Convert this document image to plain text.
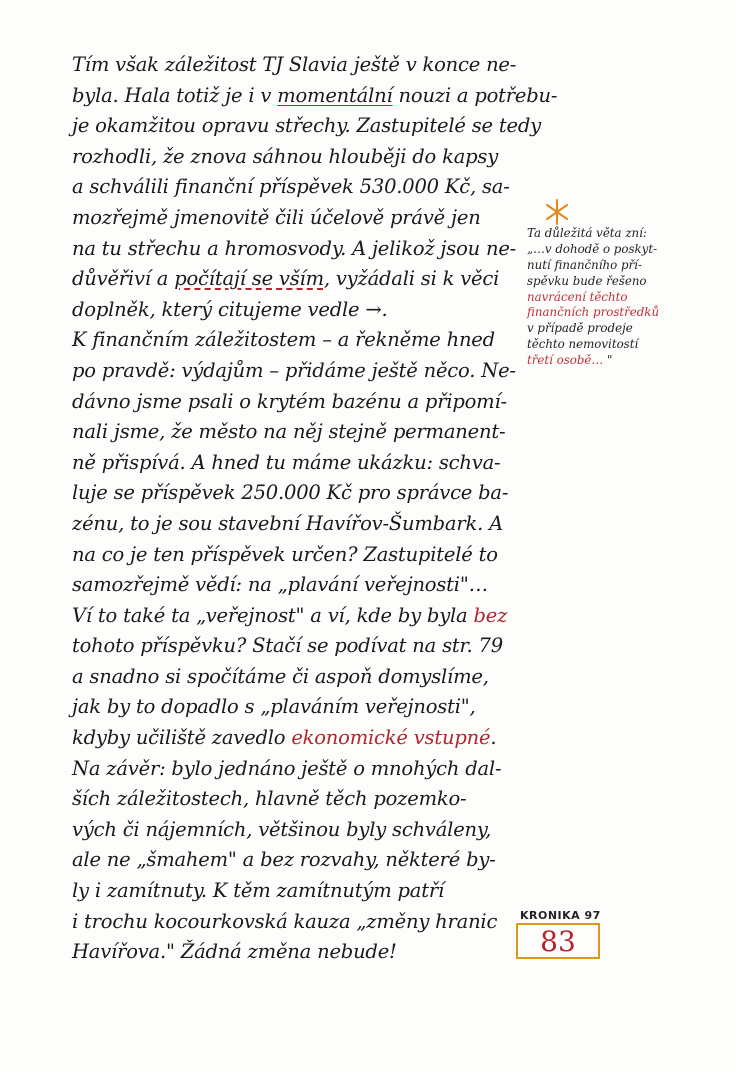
Tím však záležitost TJ Slavia ještě v konce ne-
byla. Hala totiž je i v momentální nouzi a potřebu-
je okamžitou opravu střechy. Zastupitelé se tedy
rozhodli, že znova sáhnou hlouběji do kapsy
a schválili finanční příspěvek 530.000 Kč, sa-
mozřejmě jmenovitě čili účelově právě jen
na tu střechu a hromosvody. A jelikož jsou ne-
důvěřiví a počítají se vším, vyžádali si k věci
doplněk, který citujeme vedle →.
K finančním záležitostem – a řekněme hned
po pravdě: výdajům – přidáme ještě něco. Ne-
dávno jsme psali o krytém bazénu a připomí-
nali jsme, že město na něj stejně permanent-
ně přispívá. A hned tu máme ukázku: schva-
luje se příspěvek 250.000 Kč pro správce ba-
zénu, to je sou stavební Havířov-Šumbark. A
na co je ten příspěvek určen? Zastupitelé to
samozřejmě vědí: na „plavání veřejnosti"…
Ví to také ta „veřejnost" a ví, kde by byla bez
tohoto příspěvku? Stačí se podívat na str. 79
a snadno si spočítáme či aspoň domyslíme,
jak by to dopadlo s „plaváním veřejnosti",
kdyby učiliště zavedlo ekonomické vstupné.
Na závěr: bylo jednáno ještě o mnohých dal-
ších záležitostech, hlavně těch pozemko-
vých či nájemních, většinou byly schváleny,
ale ne „šmahem" a bez rozvahy, některé by-
ly i zamítnuty. K těm zamítnutým patří
i trochu kocourkovská kauza „změny hranic
Havířova." Žádná změna nebude!
Ta důležitá věta zní:
„…v dohodě o poskyt-
nutí finančního pří-
spěvku bude řešeno
navrácení těchto
finančních prostředků
v případě prodeje
těchto nemovitostí
třetí osobě… "
KRONIKA 97
83
